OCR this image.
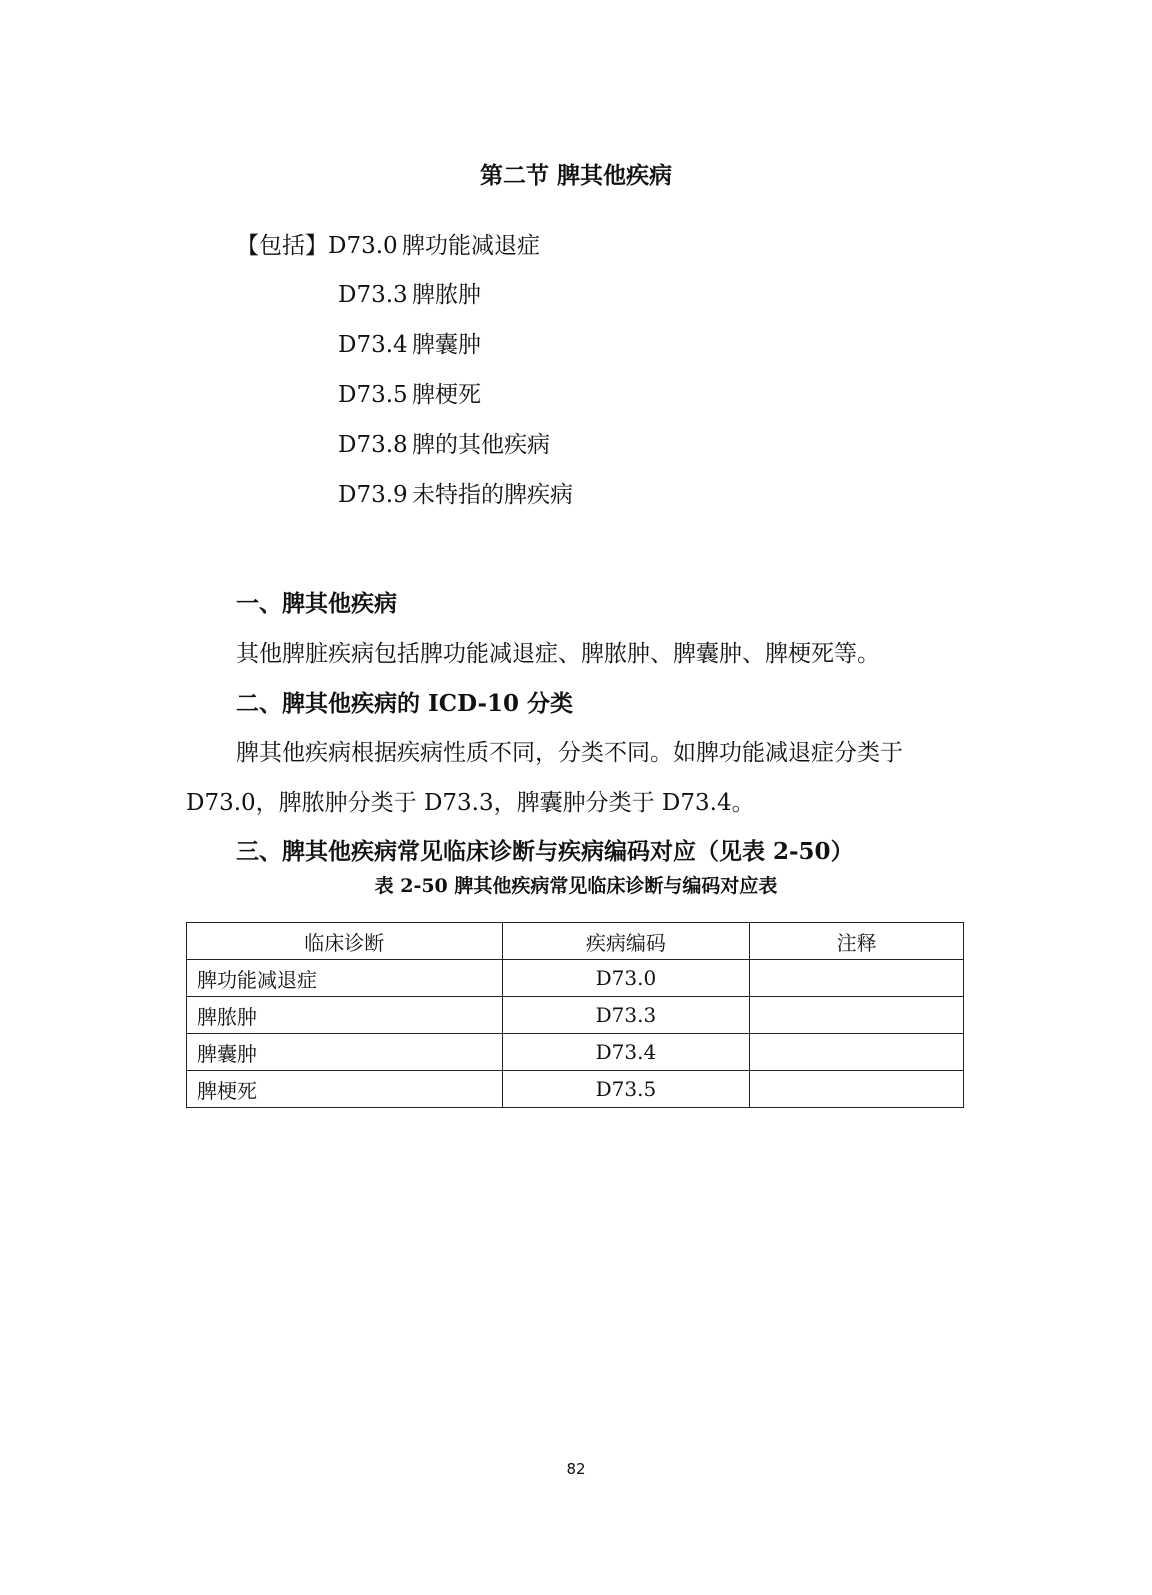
第二节 脾其他疾病
【包括】D73.0 脾功能减退症
D73.3 脾脓肿
D73.4 脾囊肿
D73.5 脾梗死
D73.8 脾的其他疾病
D73.9 未特指的脾疾病
一、脾其他疾病
其他脾脏疾病包括脾功能减退症、脾脓肿、脾囊肿、脾梗死等。
二、脾其他疾病的 ICD-10 分类
脾其他疾病根据疾病性质不同，分类不同。如脾功能减退症分类于
D73.0，脾脓肿分类于 D73.3，脾囊肿分类于 D73.4。
三、脾其他疾病常见临床诊断与疾病编码对应（见表 2-50）
表 2-50 脾其他疾病常见临床诊断与编码对应表
临床诊断	疾病编码	注释
脾功能减退症	D73.0	
脾脓肿	D73.3	
脾囊肿	D73.4	
脾梗死	D73.5	
82
